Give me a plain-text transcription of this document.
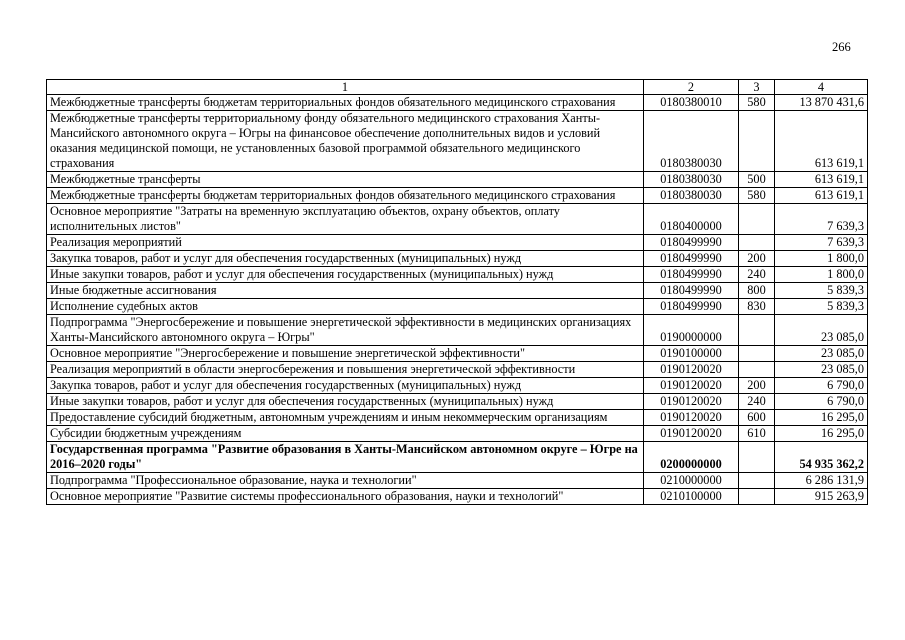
266
1	2	3	4
Межбюджетные трансферты бюджетам территориальных фондов обязательного медицинского страхования	0180380010	580	13 870 431,6
Межбюджетные трансферты территориальному фонду обязательного медицинского страхования Ханты-Мансийского автономного округа – Югры на финансовое обеспечение дополнительных видов и условий оказания медицинской помощи, не установленных базовой программой обязательного медицинского страхования	0180380030		613 619,1
Межбюджетные трансферты	0180380030	500	613 619,1
Межбюджетные трансферты бюджетам территориальных фондов обязательного медицинского страхования	0180380030	580	613 619,1
Основное мероприятие "Затраты на временную эксплуатацию объектов, охрану объектов, оплату исполнительных листов"	0180400000		7 639,3
Реализация мероприятий	0180499990		7 639,3
Закупка товаров, работ и услуг для обеспечения государственных (муниципальных) нужд	0180499990	200	1 800,0
Иные закупки товаров, работ и услуг для обеспечения государственных (муниципальных) нужд	0180499990	240	1 800,0
Иные бюджетные ассигнования	0180499990	800	5 839,3
Исполнение судебных актов	0180499990	830	5 839,3
Подпрограмма "Энергосбережение и повышение энергетической эффективности в медицинских организациях Ханты-Мансийского автономного округа – Югры"	0190000000		23 085,0
Основное мероприятие "Энергосбережение и повышение энергетической эффективности"	0190100000		23 085,0
Реализация мероприятий в области энергосбережения и повышения энергетической эффективности	0190120020		23 085,0
Закупка товаров, работ и услуг для обеспечения государственных (муниципальных) нужд	0190120020	200	6 790,0
Иные закупки товаров, работ и услуг для обеспечения государственных (муниципальных) нужд	0190120020	240	6 790,0
Предоставление субсидий бюджетным, автономным учреждениям и иным некоммерческим организациям	0190120020	600	16 295,0
Субсидии бюджетным учреждениям	0190120020	610	16 295,0
Государственная программа "Развитие образования в Ханты-Мансийском автономном округе – Югре на 2016–2020 годы"	0200000000		54 935 362,2
Подпрограмма "Профессиональное образование, наука и технологии"	0210000000		6 286 131,9
Основное мероприятие "Развитие системы профессионального образования, науки и технологий"	0210100000		915 263,9
